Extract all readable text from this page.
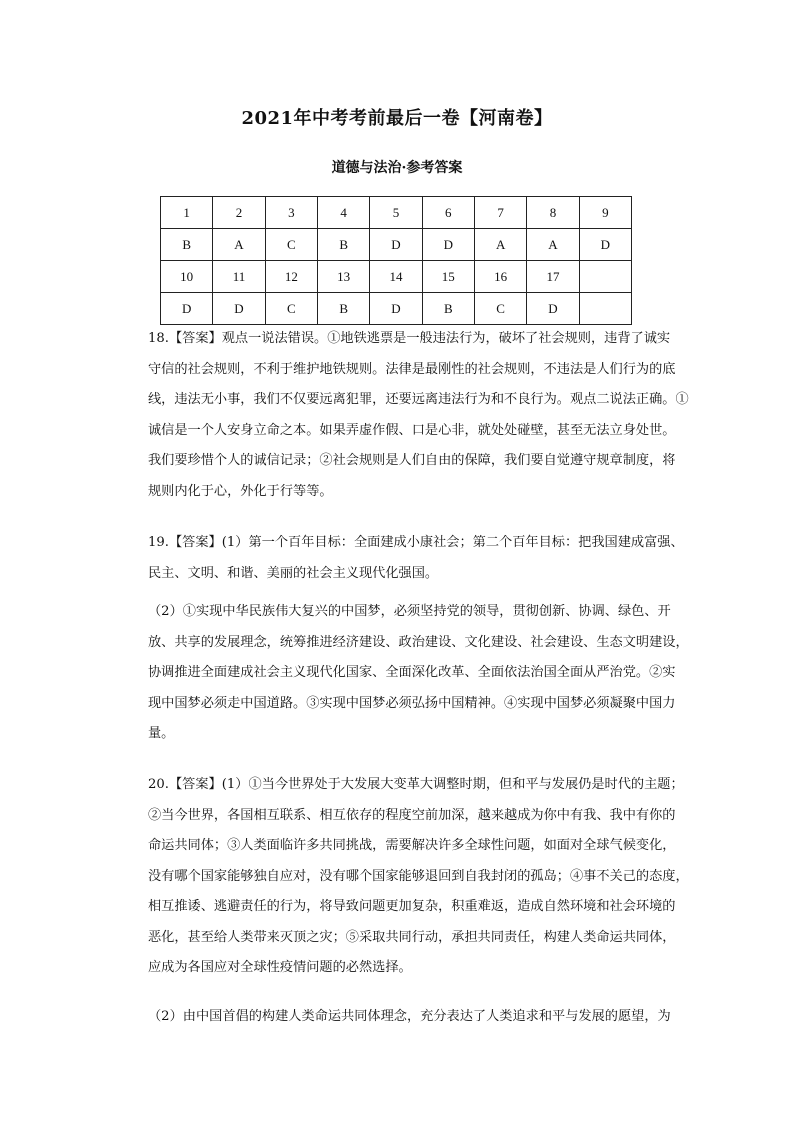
2021年中考考前最后一卷【河南卷】
道德与法治·参考答案
1	2	3	4	5	6	7	8	9
B	A	C	B	D	D	A	A	D
10	11	12	13	14	15	16	17	
D	D	C	B	D	B	C	D	
18.【答案】观点一说法错误。①地铁逃票是一般违法行为，破坏了社会规则，违背了诚实
守信的社会规则，不利于维护地铁规则。法律是最刚性的社会规则，不违法是人们行为的底
线，违法无小事，我们不仅要远离犯罪，还要远离违法行为和不良行为。观点二说法正确。①
诚信是一个人安身立命之本。如果弄虚作假、口是心非，就处处碰壁，甚至无法立身处世。
我们要珍惜个人的诚信记录；②社会规则是人们自由的保障，我们要自觉遵守规章制度，将
规则内化于心，外化于行等等。
19.【答案】(1）第一个百年目标：全面建成小康社会；第二个百年目标：把我国建成富强、
民主、文明、和谐、美丽的社会主义现代化强国。
（2）①实现中华民族伟大复兴的中国梦，必须坚持党的领导，贯彻创新、协调、绿色、开
放、共享的发展理念，统筹推进经济建设、政治建设、文化建设、社会建设、生态文明建设，
协调推进全面建成社会主义现代化国家、全面深化改革、全面依法治国全面从严治党。②实
现中国梦必须走中国道路。③实现中国梦必须弘扬中国精神。④实现中国梦必须凝聚中国力
量。
20.【答案】(1）①当今世界处于大发展大变革大调整时期，但和平与发展仍是时代的主题；
②当今世界，各国相互联系、相互依存的程度空前加深，越来越成为你中有我、我中有你的
命运共同体；③人类面临许多共同挑战，需要解决许多全球性问题，如面对全球气候变化，
没有哪个国家能够独自应对，没有哪个国家能够退回到自我封闭的孤岛；④事不关己的态度，
相互推诿、逃避责任的行为，将导致问题更加复杂，积重难返，造成自然环境和社会环境的
恶化，甚至给人类带来灭顶之灾；⑤采取共同行动，承担共同责任，构建人类命运共同体，
应成为各国应对全球性疫情问题的必然选择。
（2）由中国首倡的构建人类命运共同体理念，充分表达了人类追求和平与发展的愿望，为
